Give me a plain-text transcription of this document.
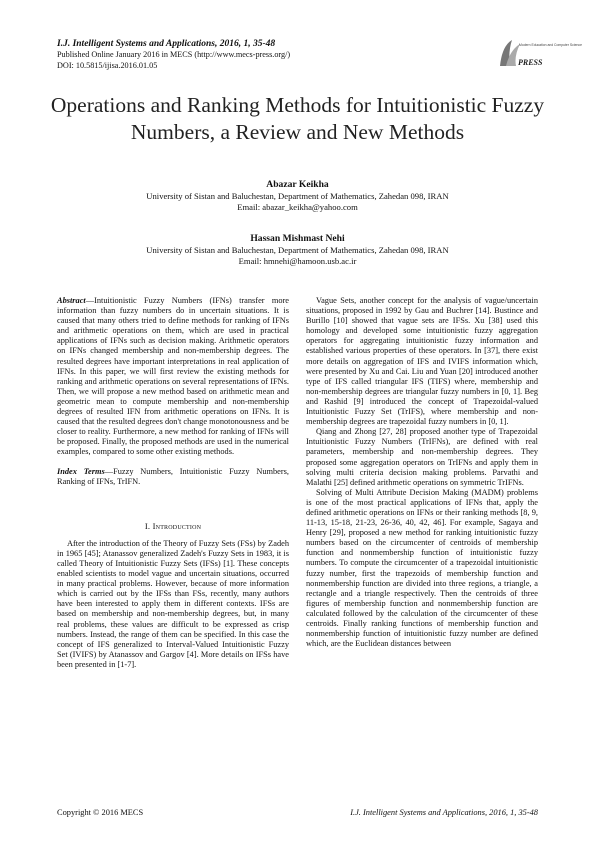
I.J. Intelligent Systems and Applications, 2016, 1, 35-48
Published Online January 2016 in MECS (http://www.mecs-press.org/)
DOI: 10.5815/ijisa.2016.01.05
Modern Education and Computer Science
PRESS
Operations and Ranking Methods for Intuitionistic Fuzzy Numbers, a Review and New Methods
Abazar Keikha
University of Sistan and Baluchestan, Department of Mathematics, Zahedan 098, IRAN
Email: abazar_keikha@yahoo.com
Hassan Mishmast Nehi
University of Sistan and Baluchestan, Department of Mathematics, Zahedan 098, IRAN
Email: hmnehi@hamoon.usb.ac.ir

Abstract—Intuitionistic Fuzzy Numbers (IFNs) transfer more information than fuzzy numbers do in uncertain situations. It is caused that many others tried to define methods for ranking of IFNs and arithmetic operations on them, which are used in practical applications of IFNs such as decision making. Arithmetic operators on IFNs changed membership and non-membership degrees. The resulted degrees have important interpretations in real application of IFNs. In this paper, we will first review the existing methods for ranking and arithmetic operations on several representations of IFNs. Then, we will propose a new method based on arithmetic mean and geometric mean to compute membership and non-membership degrees of resulted IFN from arithmetic operations on IFNs. It is caused that the resulted degrees don't change monotonousness and be closer to reality. Furthermore, a new method for ranking of IFNs will be proposed. Finally, the proposed methods are used in the numerical examples, compared to some other existing methods.

Index Terms—Fuzzy Numbers, Intuitionistic Fuzzy Numbers, Ranking of IFNs, TrIFN.

I. Introduction

After the introduction of the Theory of Fuzzy Sets (FSs) by Zadeh in 1965 [45]; Atanassov generalized Zadeh's Fuzzy Sets in 1983, it is called Theory of Intuitionistic Fuzzy Sets (IFSs) [1]. These concepts enabled scientists to model vague and uncertain situations, occurred in many practical problems. However, because of more information which is carried out by the IFSs than FSs, recently, many authors have been interested to apply them in different contexts. IFSs are based on membership and non-membership degrees, but, in many real problems, these values are difficult to be expressed as crisp numbers. Instead, the range of them can be specified. In this case the concept of IFS generalized to Interval-Valued Intuitionistic Fuzzy Set (IVIFS) by Atanassov and Gargov [4]. More details on IFSs have been presented in [1-7].

Vague Sets, another concept for the analysis of vague/uncertain situations, proposed in 1992 by Gau and Buchrer [14]. Bustince and Burillo [10] showed that vague sets are IFSs. Xu [38] used this homology and developed some intuitionistic fuzzy aggregation operators for aggregating intuitionistic fuzzy information and established various properties of these operators. In [37], there exist more details on aggregation of IFS and IVIFS information which, were presented by Xu and Cai. Liu and Yuan [20] introduced another type of IFS called triangular IFS (TIFS) where, membership and non-membership degrees are triangular fuzzy numbers in [0, 1]. Beg and Rashid [9] introduced the concept of Trapezoidal-valued Intuitionistic Fuzzy Set (TrIFS), where membership and non-membership degrees are trapezoidal fuzzy numbers in [0, 1].

Qiang and Zhong [27, 28] proposed another type of Trapezoidal Intuitionistic Fuzzy Numbers (TrIFNs), are defined with real parameters, membership and non-membership degrees. They proposed some aggregation operators on TrIFNs and apply them in solving multi criteria decision making problems. Parvathi and Malathi [25] defined arithmetic operations on symmetric TrIFNs.

Solving of Multi Attribute Decision Making (MADM) problems is one of the most practical applications of IFNs that, apply the defined arithmetic operations on IFNs or their ranking methods [8, 9, 11-13, 15-18, 21-23, 26-36, 40, 42, 46]. For example, Sagaya and Henry [29], proposed a new method for ranking intuitionistic fuzzy numbers based on the circumcenter of centroids of membership function and nonmembership function of intuitionistic fuzzy numbers. To compute the circumcenter of a trapezoidal intuitionistic fuzzy number, first the trapezoids of membership function and nonmembership function are divided into three regions, a triangle, a rectangle and a triangle respectively. Then the centroids of three figures of membership function and nonmembership function are calculated followed by the calculation of the circumcenter of these centroids. Finally ranking functions of membership function and nonmembership function of intuitionistic fuzzy number are defined which, are the Euclidean distances between

Copyright © 2016 MECS	I.J. Intelligent Systems and Applications, 2016, 1, 35-48
